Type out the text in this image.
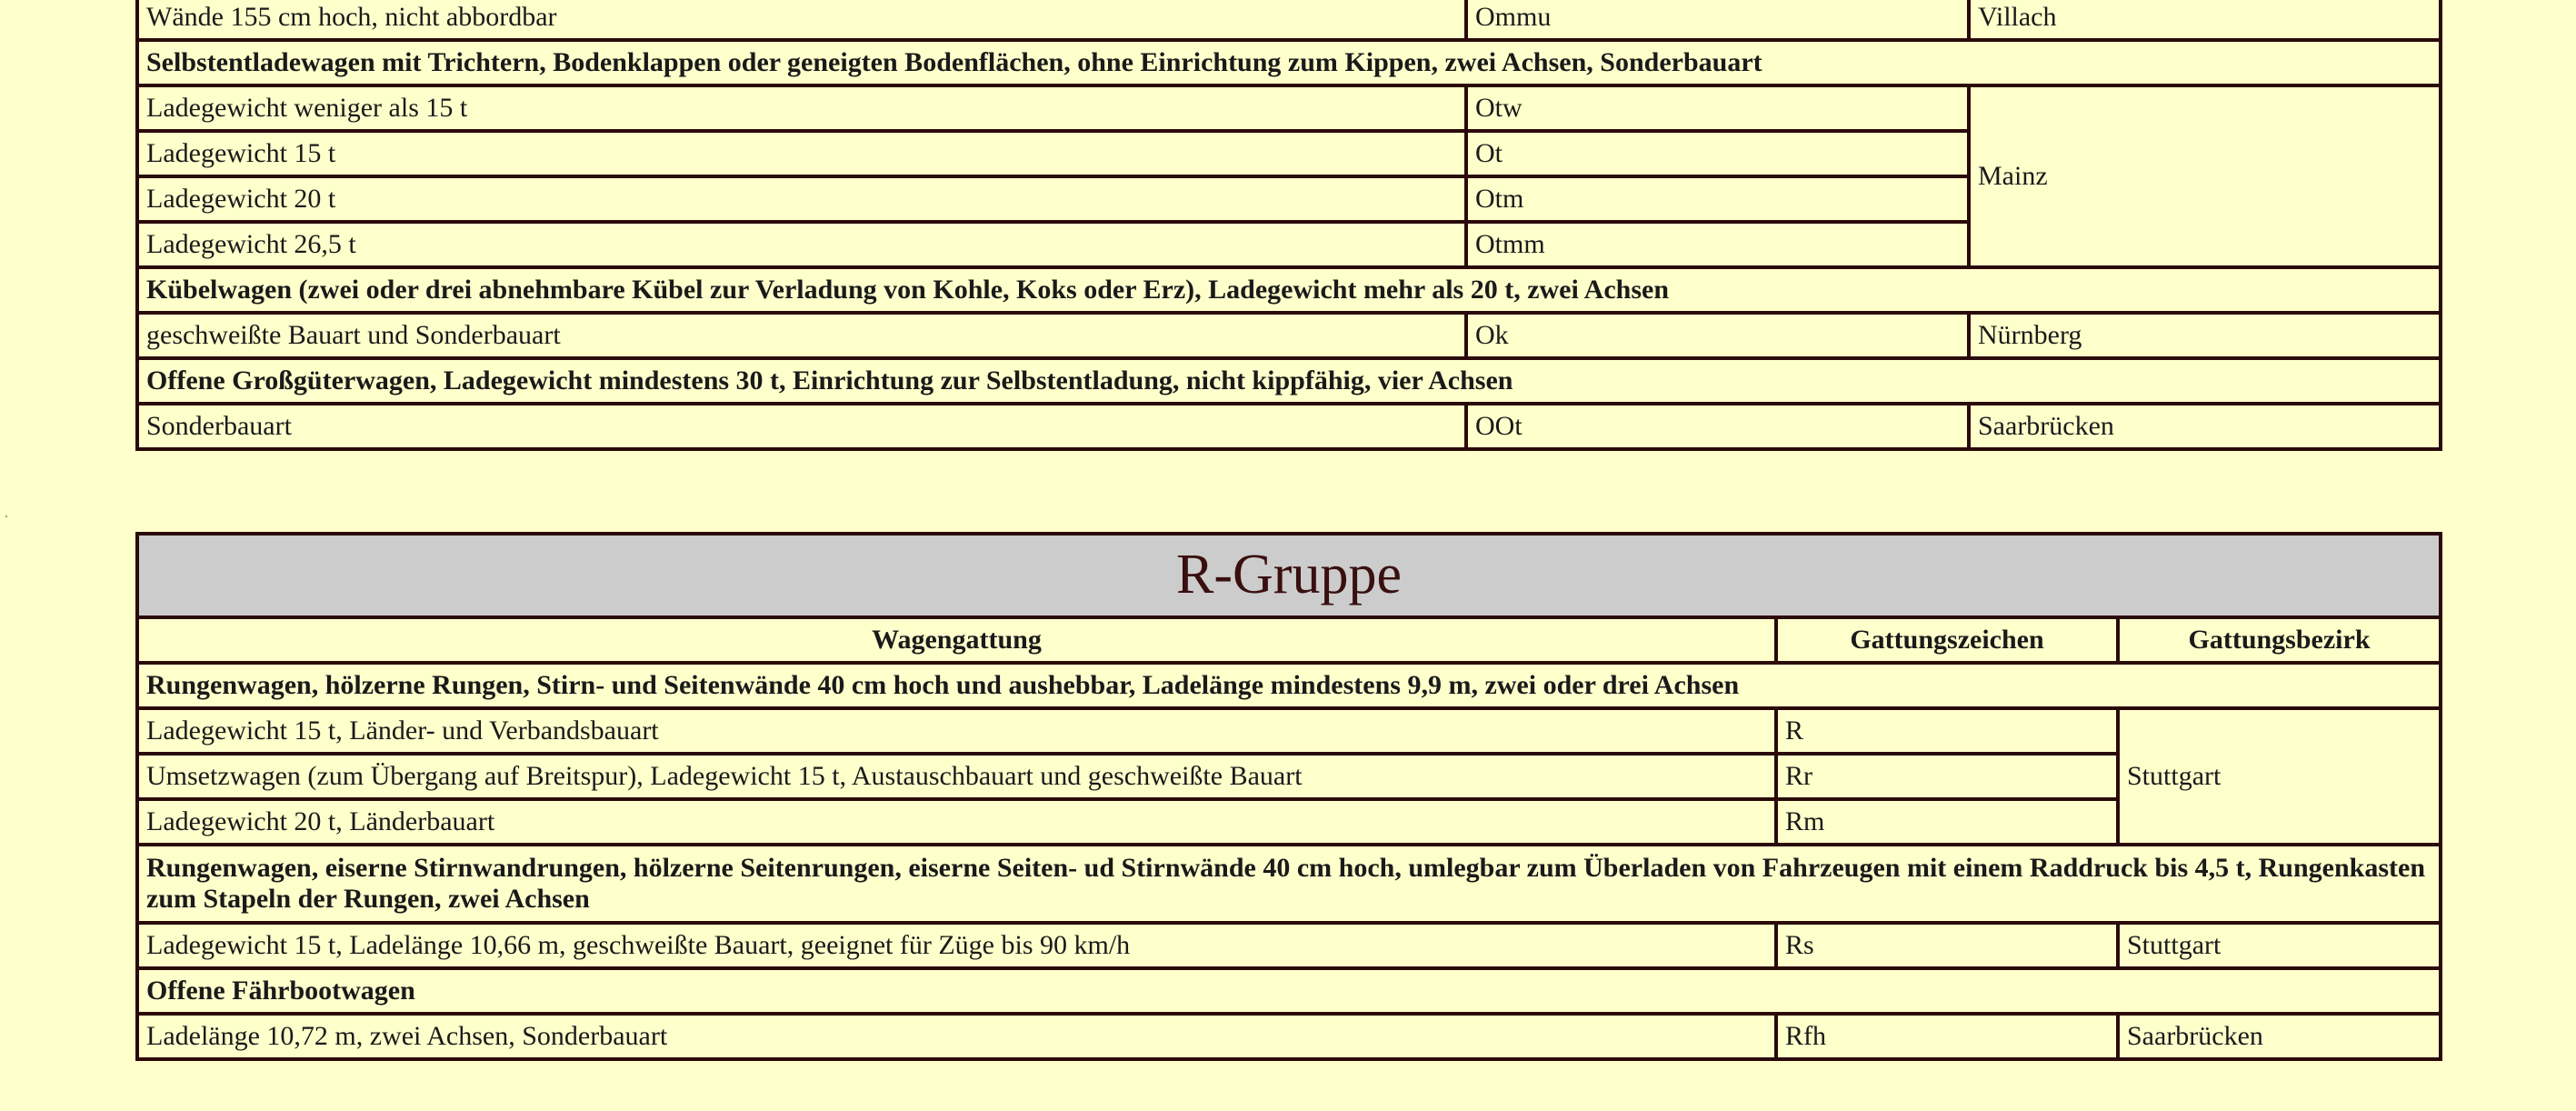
Wände 155 cm hoch, nicht abbordbar	Ommu	Villach
Selbstentladewagen mit Trichtern, Bodenklappen oder geneigten Bodenflächen, ohne Einrichtung zum Kippen, zwei Achsen, Sonderbauart		
Ladegewicht weniger als 15 t	Otw	Mainz
Ladegewicht 15 t	Ot	
Ladegewicht 20 t	Otm	
Ladegewicht 26,5 t	Otmm	
Kübelwagen (zwei oder drei abnehmbare Kübel zur Verladung von Kohle, Koks oder Erz), Ladegewicht mehr als 20 t, zwei Achsen		
geschweißte Bauart und Sonderbauart	Ok	Nürnberg
Offene Großgüterwagen, Ladegewicht mindestens 30 t, Einrichtung zur Selbstentladung, nicht kippfähig, vier Achsen		
Sonderbauart	OOt	Saarbrücken
R-Gruppe		
Wagengattung	Gattungszeichen	Gattungsbezirk
Rungenwagen, hölzerne Rungen, Stirn- und Seitenwände 40 cm hoch und aushebbar, Ladelänge mindestens 9,9 m, zwei oder drei Achsen		
Ladegewicht 15 t, Länder- und Verbandsbauart	R	Stuttgart
Umsetzwagen (zum Übergang auf Breitspur), Ladegewicht 15 t, Austauschbauart und geschweißte Bauart	Rr	
Ladegewicht 20 t, Länderbauart	Rm	
Rungenwagen, eiserne Stirnwandrungen, hölzerne Seitenrungen, eiserne Seiten- ud Stirnwände 40 cm hoch, umlegbar zum Überladen von Fahrzeugen mit einem Raddruck bis 4,5 t, Rungenkasten zum Stapeln der Rungen, zwei Achsen		
Ladegewicht 15 t, Ladelänge 10,66 m, geschweißte Bauart, geeignet für Züge bis 90 km/h	Rs	Stuttgart
Offene Fährbootwagen		
Ladelänge 10,72 m, zwei Achsen, Sonderbauart	Rfh	Saarbrücken
